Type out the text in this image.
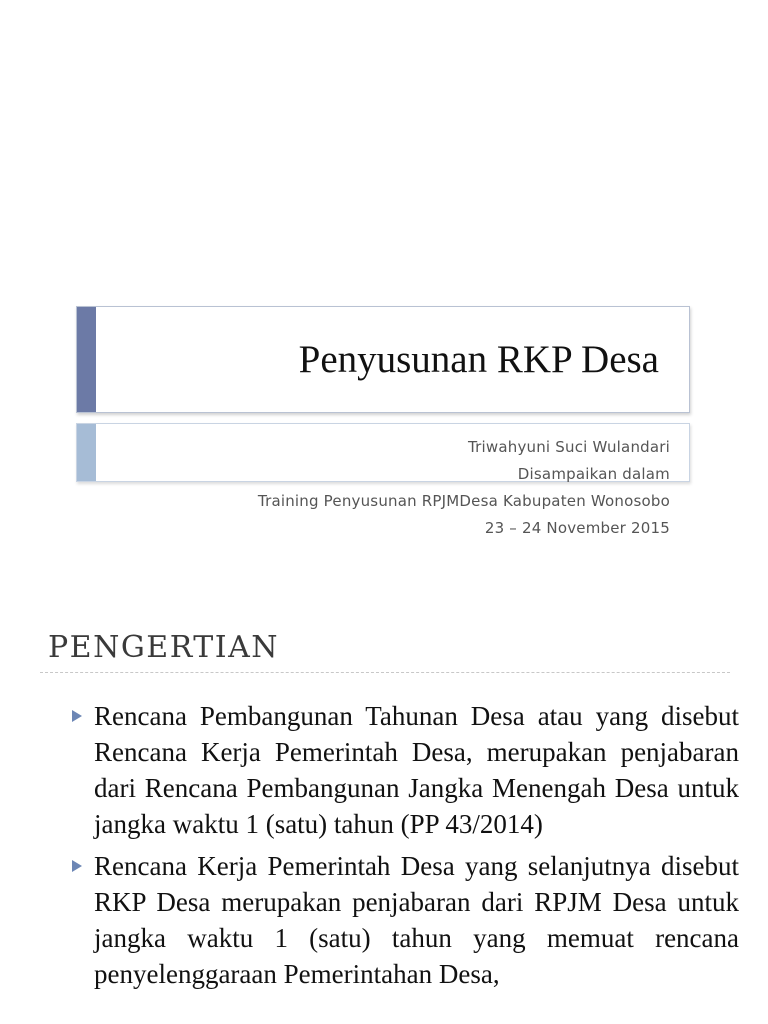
Penyusunan RKP Desa
Triwahyuni Suci Wulandari
Disampaikan dalam
Training Penyusunan RPJMDesa Kabupaten Wonosobo
23 – 24 November 2015
PENGERTIAN
Rencana Pembangunan Tahunan Desa atau yang disebut Rencana Kerja Pemerintah Desa, merupakan penjabaran dari Rencana Pembangunan Jangka Menengah Desa untuk jangka waktu 1 (satu) tahun (PP 43/2014)
Rencana Kerja Pemerintah Desa yang selanjutnya disebut RKP Desa merupakan penjabaran dari RPJM Desa untuk jangka waktu 1 (satu) tahun yang memuat rencana penyelenggaraan Pemerintahan Desa,
